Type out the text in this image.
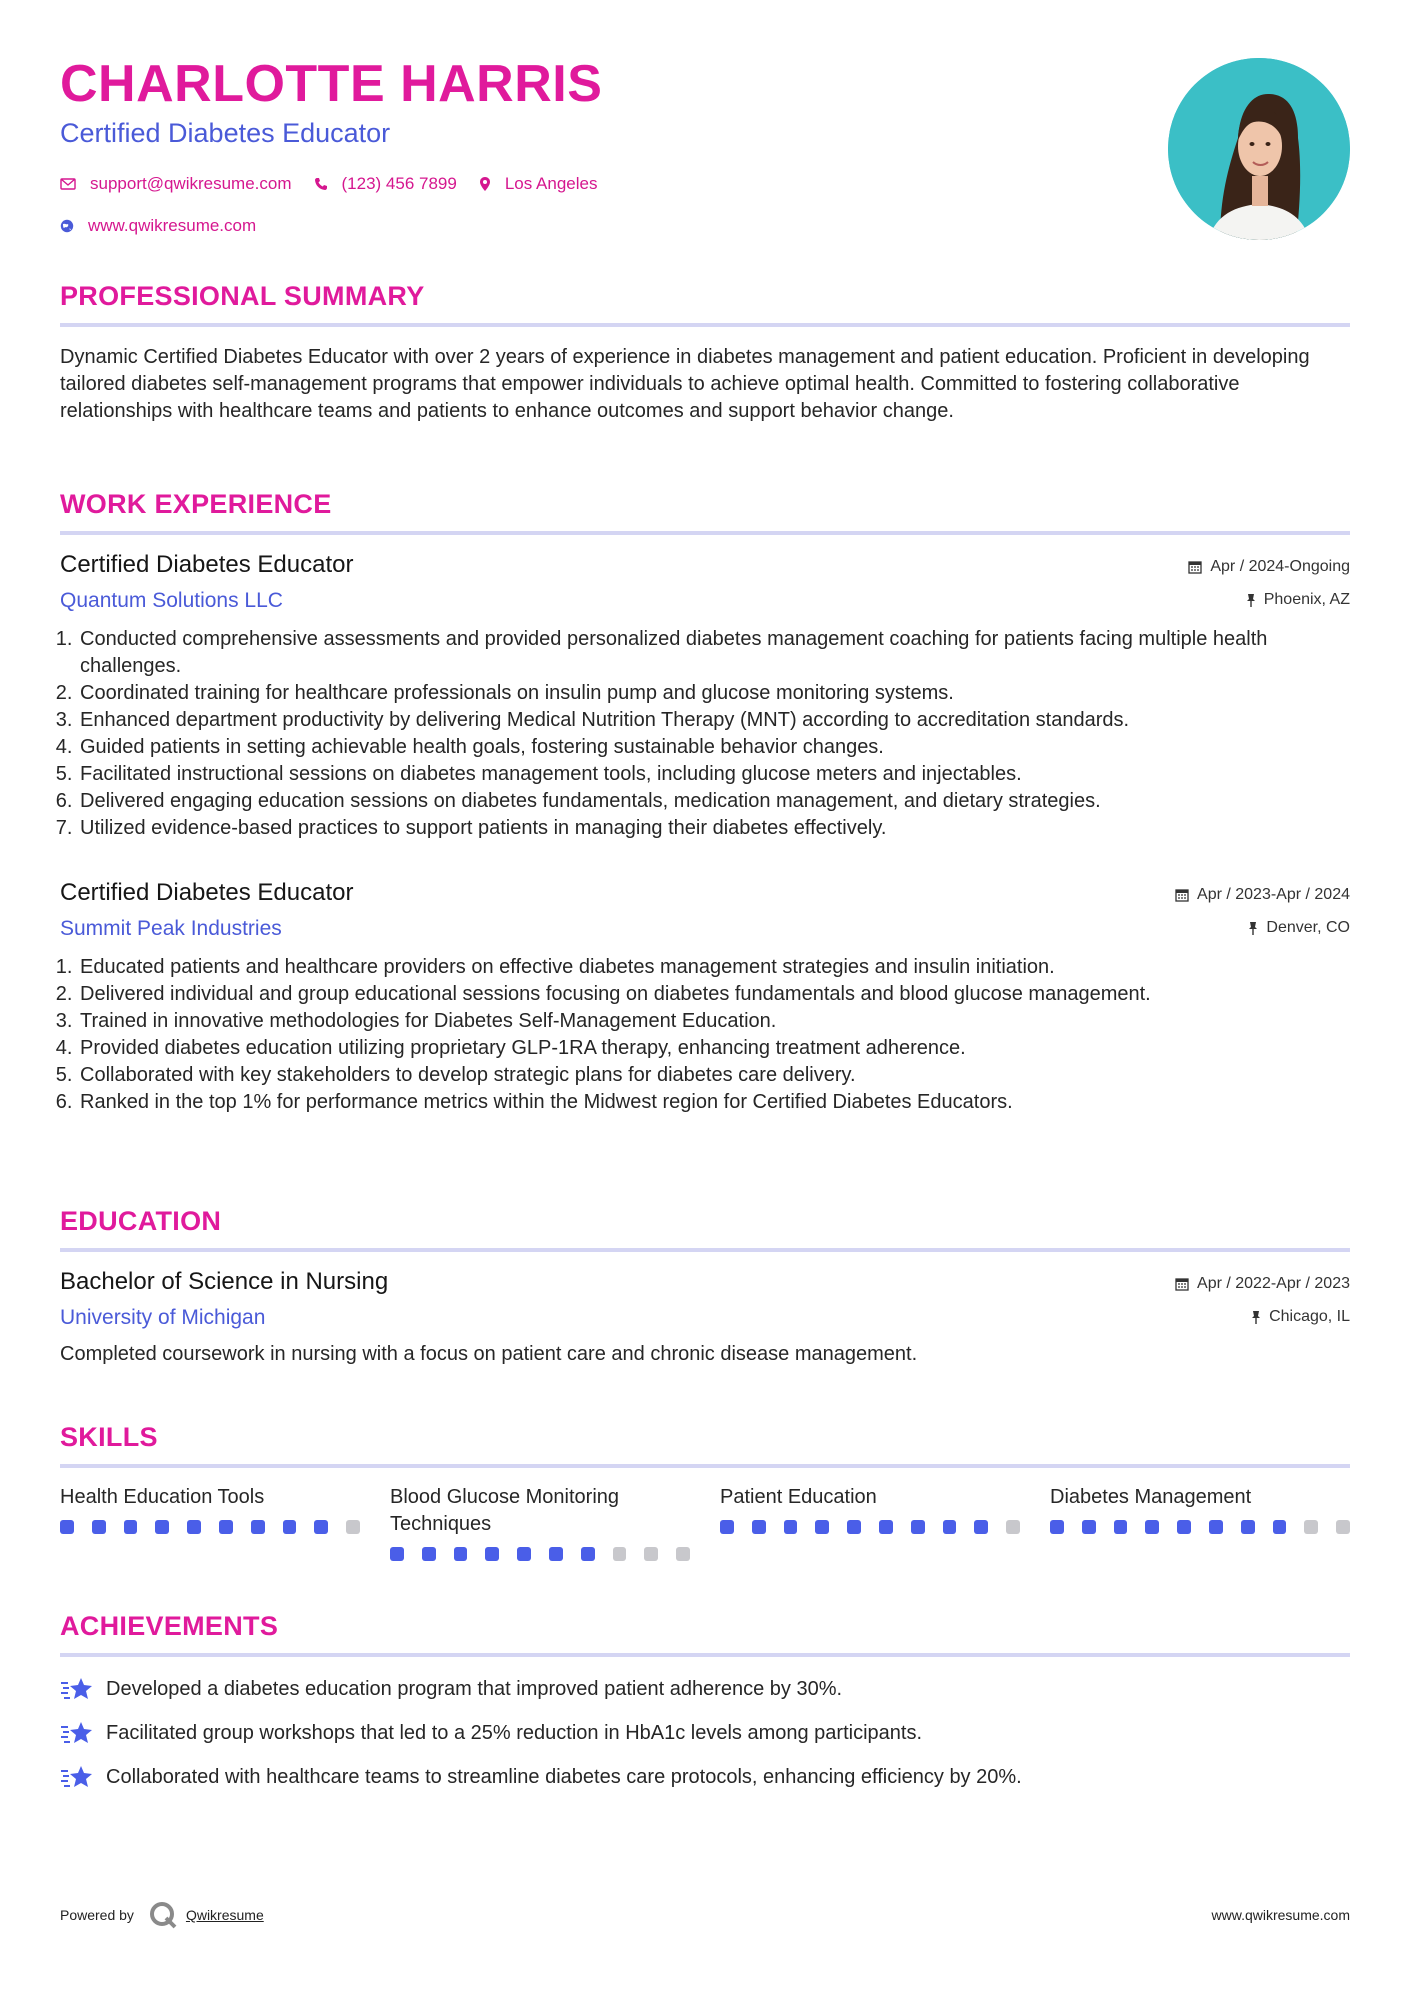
CHARLOTTE HARRIS
Certified Diabetes Educator
support@qwikresume.com	(123) 456 7899	Los Angeles
www.qwikresume.com
PROFESSIONAL SUMMARY
Dynamic Certified Diabetes Educator with over 2 years of experience in diabetes management and patient education. Proficient in developing tailored diabetes self-management programs that empower individuals to achieve optimal health. Committed to fostering collaborative relationships with healthcare teams and patients to enhance outcomes and support behavior change.
WORK EXPERIENCE
Certified Diabetes Educator
Quantum Solutions LLC
Apr / 2024-Ongoing
Phoenix, AZ
1. Conducted comprehensive assessments and provided personalized diabetes management coaching for patients facing multiple health challenges.
2. Coordinated training for healthcare professionals on insulin pump and glucose monitoring systems.
3. Enhanced department productivity by delivering Medical Nutrition Therapy (MNT) according to accreditation standards.
4. Guided patients in setting achievable health goals, fostering sustainable behavior changes.
5. Facilitated instructional sessions on diabetes management tools, including glucose meters and injectables.
6. Delivered engaging education sessions on diabetes fundamentals, medication management, and dietary strategies.
7. Utilized evidence-based practices to support patients in managing their diabetes effectively.
Certified Diabetes Educator
Summit Peak Industries
Apr / 2023-Apr / 2024
Denver, CO
1. Educated patients and healthcare providers on effective diabetes management strategies and insulin initiation.
2. Delivered individual and group educational sessions focusing on diabetes fundamentals and blood glucose management.
3. Trained in innovative methodologies for Diabetes Self-Management Education.
4. Provided diabetes education utilizing proprietary GLP-1RA therapy, enhancing treatment adherence.
5. Collaborated with key stakeholders to develop strategic plans for diabetes care delivery.
6. Ranked in the top 1% for performance metrics within the Midwest region for Certified Diabetes Educators.
EDUCATION
Bachelor of Science in Nursing
University of Michigan
Apr / 2022-Apr / 2023
Chicago, IL
Completed coursework in nursing with a focus on patient care and chronic disease management.
SKILLS
Health Education Tools	Blood Glucose Monitoring Techniques
Patient Education	Diabetes Management
ACHIEVEMENTS
Developed a diabetes education program that improved patient adherence by 30%.
Facilitated group workshops that led to a 25% reduction in HbA1c levels among participants.
Collaborated with healthcare teams to streamline diabetes care protocols, enhancing efficiency by 20%.
Powered by	Qwikresume	www.qwikresume.com
